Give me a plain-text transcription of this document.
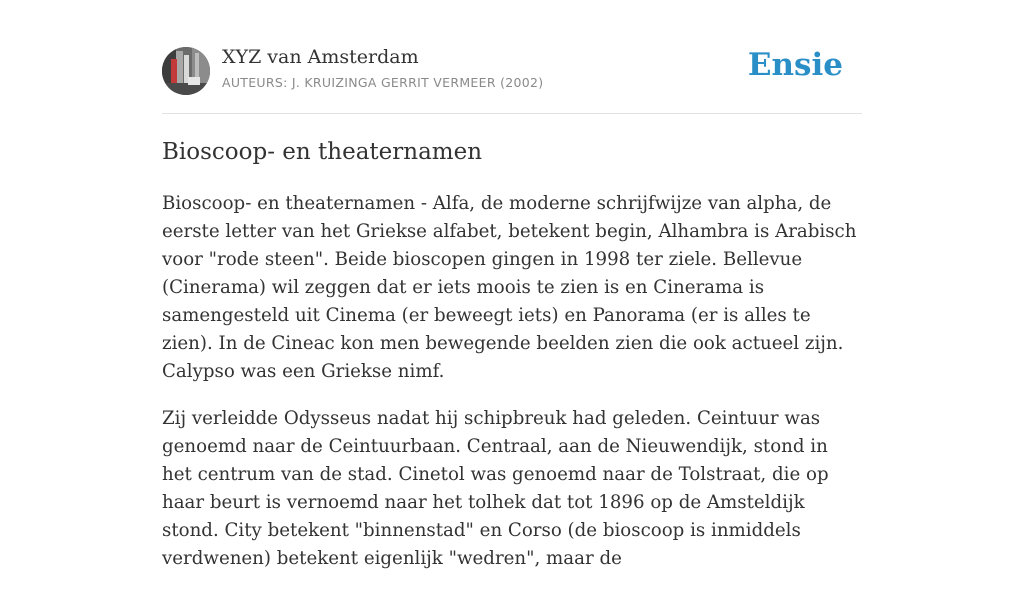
XYZ van Amsterdam
AUTEURS: J. KRUIZINGA GERRIT VERMEER (2002)	Ensie
Bioscoop- en theaternamen

Bioscoop- en theaternamen - Alfa, de moderne schrijfwijze van alpha, de eerste letter van het Griekse alfabet, betekent begin, Alhambra is Arabisch voor "rode steen". Beide bioscopen gingen in 1998 ter ziele. Bellevue (Cinerama) wil zeggen dat er iets moois te zien is en Cinerama is samengesteld uit Cinema (er beweegt iets) en Panorama (er is alles te zien). In de Cineac kon men bewegende beelden zien die ook actueel zijn. Calypso was een Griekse nimf.

Zij verleidde Odysseus nadat hij schipbreuk had geleden. Ceintuur was genoemd naar de Ceintuurbaan. Centraal, aan de Nieuwendijk, stond in het centrum van de stad. Cinetol was genoemd naar de Tolstraat, die op haar beurt is vernoemd naar het tolhek dat tot 1896 op de Amsteldijk stond. City betekent "binnenstad" en Corso (de bioscoop is inmiddels verdwenen) betekent eigenlijk "wedren", maar de
